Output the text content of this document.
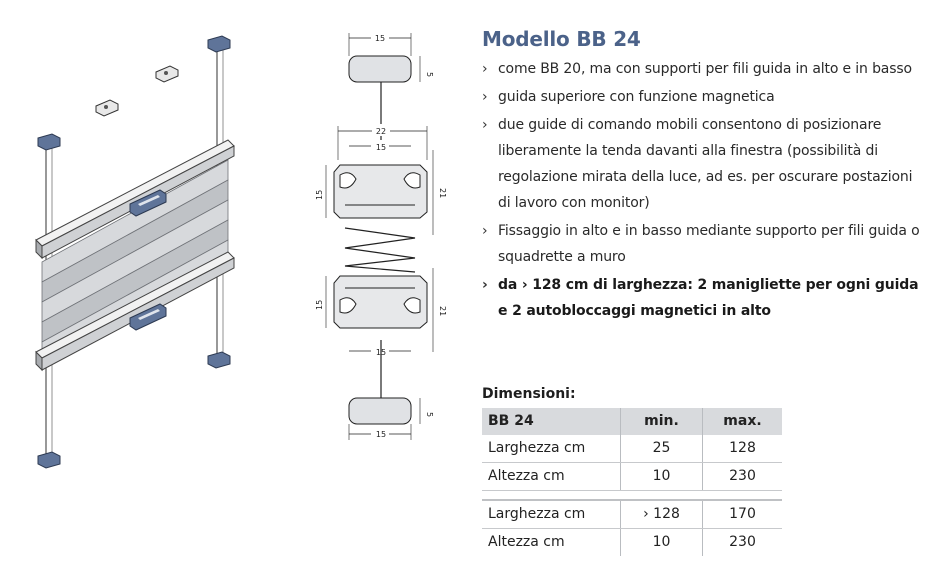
15
5
22
15
21
15
21
15
15
5
15
Modello BB 24
› come BB 20, ma con supporti per fili guida in alto e in basso
› guida superiore con funzione magnetica
› due guide di comando mobili consentono di posizionare liberamente la tenda davanti alla finestra (possibilità di regolazione mirata della luce, ad es. per oscurare postazioni di lavoro con monitor)
› Fissaggio in alto e in basso mediante supporto per fili guida o squadrette a muro
› da › 128 cm di larghezza: 2 manigliette per ogni guida e 2 autobloccaggi magnetici in alto
Dimensioni:
BB 24	min.	max.
Larghezza cm	25	128
Altezza cm	10	230

Larghezza cm	› 128	170
Altezza cm	10	230
